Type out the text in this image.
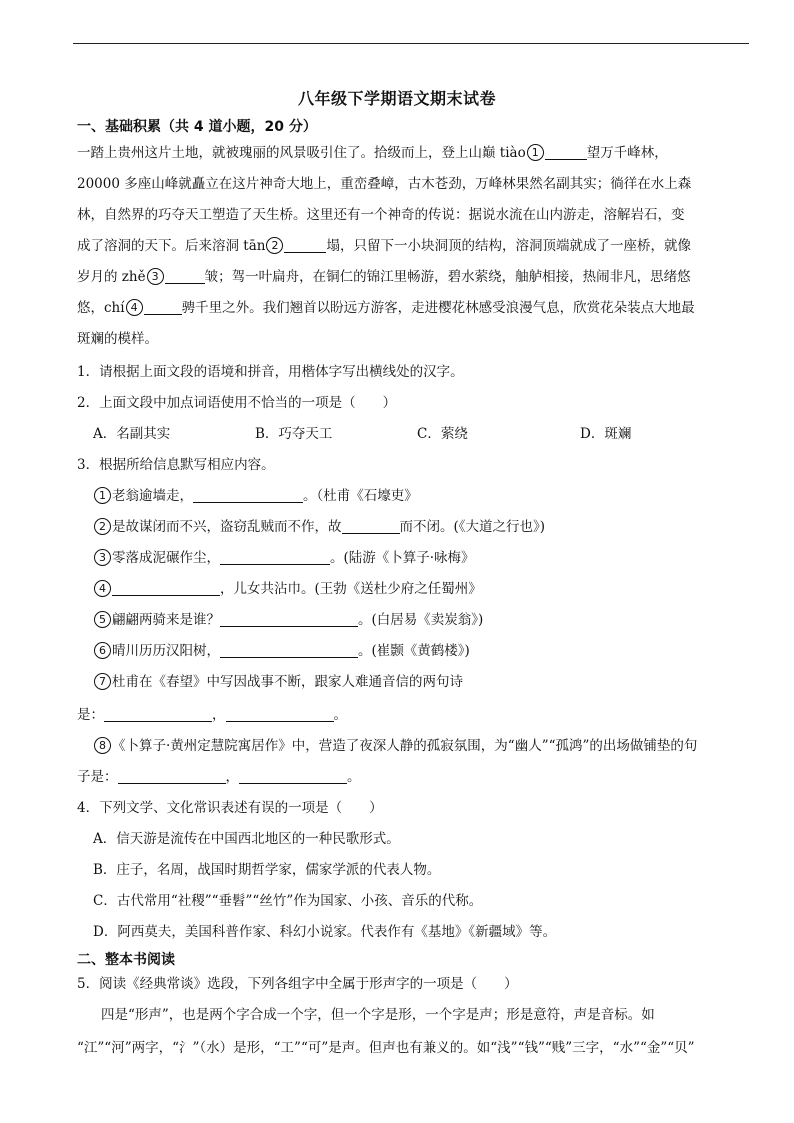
八年级下学期语文期末试卷
一、基础积累（共 4 道小题，20 分）
一踏上贵州这片土地，就被瑰丽的风景吸引住了。拾级而上，登上山巅 tiào 1	望万千峰林，
20000 多座山峰就矗立在这片神奇大地上，重峦叠嶂，古木苍劲，万峰林果然名副其实；徜徉在水上森
林，自然界的巧夺天工塑造了天生桥。这里还有一个神奇的传说：据说水流在山内游走，溶解岩石，变
成了溶洞的天下。后来溶洞 tān 2	塌，只留下一小块洞顶的结构，溶洞顶端就成了一座桥，就像
岁月的 zhě 3	皱；驾一叶扁舟，在铜仁的锦江里畅游，碧水萦绕，舳舻相接，热闹非凡，思绪悠
悠，chí 4	骋千里之外。我们翘首以盼远方游客，走进樱花林感受浪漫气息，欣赏花朵装点大地最
斑斓的模样。
1．请根据上面文段的语境和拼音，用楷体字写出横线处的汉字。
2．上面文段中加点词语使用不恰当的一项是（　　）
A．名副其实	B．巧夺天工	C．萦绕	D．斑斓
3．根据所给信息默写相应内容。
1 老翁逾墙走，	。（杜甫《石壕吏》
2 是故谋闭而不兴，盗窃乱贼而不作，故	而不闭。(《大道之行也》)
3 零落成泥碾作尘，	。(陆游《卜算子·咏梅》
4	，儿女共沾巾。(王勃《送杜少府之任蜀州》
5 翩翩两骑来是谁？	。(白居易《卖炭翁》)
6 晴川历历汉阳树，	。(崔颢《黄鹤楼》)
7 杜甫在《春望》中写因战事不断，跟家人难通音信的两句诗
是：	，	。
8 《卜算子·黄州定慧院寓居作》中，营造了夜深人静的孤寂氛围，为“幽人”“孤鸿”的出场做铺垫的句
子是：	，	。
4．下列文学、文化常识表述有误的一项是（　　）
A．信天游是流传在中国西北地区的一种民歌形式。
B．庄子，名周，战国时期哲学家，儒家学派的代表人物。
C．古代常用“社稷”“垂髫”“丝竹”作为国家、小孩、音乐的代称。
D．阿西莫夫，美国科普作家、科幻小说家。代表作有《基地》《新疆域》等。
二、整本书阅读
5．阅读《经典常谈》选段，下列各组字中全属于形声字的一项是（　　）
四是“形声”，也是两个字合成一个字，但一个字是形，一个字是声；形是意符，声是音标。如
“江”“河”两字，“氵”（水）是形，“工”“可”是声。但声也有兼义的。如“浅”“钱”“贱”三字，“水”“金”“贝”
